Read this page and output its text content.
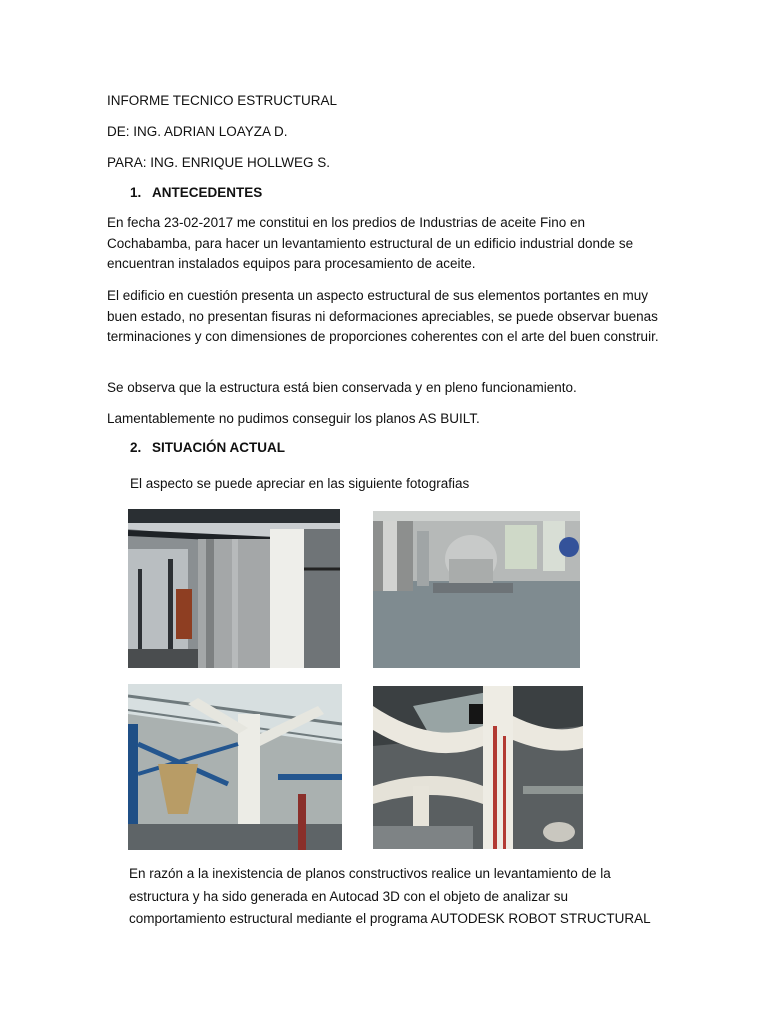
INFORME TECNICO ESTRUCTURAL
DE: ING. ADRIAN LOAYZA D.
PARA: ING. ENRIQUE HOLLWEG S.
1. ANTECEDENTES
En fecha 23-02-2017 me constitui en los predios de Industrias de aceite Fino en Cochabamba, para hacer un levantamiento estructural de un edificio industrial donde se encuentran instalados equipos para procesamiento de aceite.
El edificio en cuestión presenta un aspecto estructural de sus elementos portantes en muy buen estado, no presentan fisuras ni deformaciones apreciables, se puede observar buenas terminaciones y con dimensiones de proporciones coherentes con el arte del buen construir.
Se observa que la estructura está bien conservada y en pleno funcionamiento.
Lamentablemente no pudimos conseguir los planos AS BUILT.
2. SITUACIÓN ACTUAL
El aspecto se puede apreciar en las siguiente fotografias
En razón a la inexistencia de planos constructivos realice un levantamiento de la
estructura y ha sido generada en Autocad 3D con el objeto de analizar su
comportamiento estructural mediante el programa AUTODESK ROBOT STRUCTURAL
